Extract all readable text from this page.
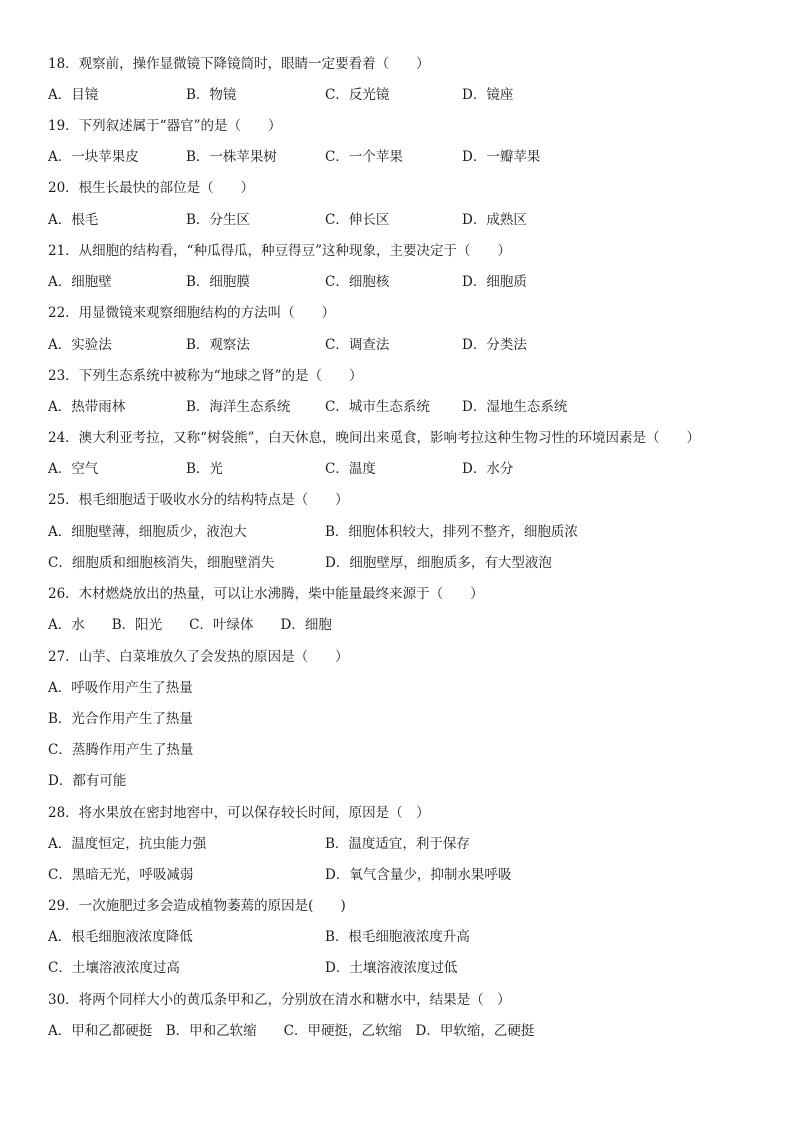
18．观察前，操作显微镜下降镜筒时，眼睛一定要看着（　　）
A．目镜	B．物镜	C．反光镜	D．镜座
19．下列叙述属于“器官”的是（　　）
A．一块苹果皮	B．一株苹果树	C．一个苹果	D．一瓣苹果
20．根生长最快的部位是（　　）
A．根毛	B．分生区	C．伸长区	D．成熟区
21．从细胞的结构看，“种瓜得瓜，种豆得豆”这种现象，主要决定于（　　）
A．细胞壁	B．细胞膜	C．细胞核	D．细胞质
22．用显微镜来观察细胞结构的方法叫（　　）
A．实验法	B．观察法	C．调查法	D．分类法
23．下列生态系统中被称为“地球之肾”的是（　　）
A．热带雨林	B．海洋生态系统	C．城市生态系统 D．湿地生态系统
24．澳大利亚考拉，又称“树袋熊”，白天休息，晚间出来觅食，影响考拉这种生物习性的环境因素是（　　）
A．空气	B．光	C．温度	D．水分
25．根毛细胞适于吸收水分的结构特点是（　　）
A．细胞壁薄，细胞质少，液泡大	B．细胞体积较大，排列不整齐，细胞质浓
C．细胞质和细胞核消失，细胞壁消失	D．细胞壁厚，细胞质多，有大型液泡
26．木材燃烧放出的热量，可以让水沸腾，柴中能量最终来源于（　　）
A．水　　B．阳光　　C．叶绿体　　D．细胞
27．山芋、白菜堆放久了会发热的原因是（　　）
A．呼吸作用产生了热量
B．光合作用产生了热量
C．蒸腾作用产生了热量
D．都有可能
28．将水果放在密封地窖中，可以保存较长时间，原因是（　）
A．温度恒定，抗虫能力强	B．温度适宜，利于保存
C．黑暗无光，呼吸减弱	D．氧气含量少，抑制水果呼吸
29．一次施肥过多会造成植物萎蔫的原因是(　　)
A．根毛细胞液浓度降低	B．根毛细胞液浓度升高
C．土壤溶液浓度过高	D．土壤溶液浓度过低
30．将两个同样大小的黄瓜条甲和乙，分别放在清水和糖水中，结果是（　）
A．甲和乙都硬挺　B．甲和乙软缩　　C．甲硬挺，乙软缩　D．甲软缩，乙硬挺
